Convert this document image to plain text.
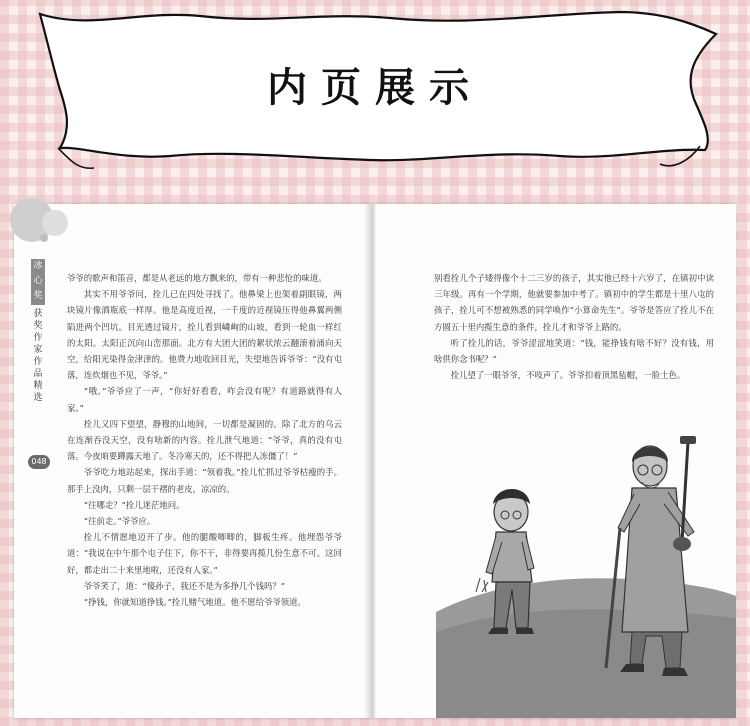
内页展示
冰心奖
获奖作家作品精选
048

爷爷的歌声和笛音，都是从老远的地方飘来的，带有一种悲怆的味道。

其实不用爷爷问，拴儿已在四处寻找了。他鼻梁上也架着副眼镜，两块镜片像酒瓶底一样厚。他是高度近视，一千度的近视镜压得他鼻翼两侧陷进两个凹坑。目光透过镜片，拴儿看到嶙峋的山坡，看到一轮血一样红的太阳。太阳正沉向山峦那面。北方有大团大团的絮状浓云翻滚着涌向天空，给阳光染得金津津的。他费力地收回目光，失望地告诉爷爷：“没有屯落，连炊烟也不见，爷爷。”

“哦。”爷爷应了一声，“你好好看看，咋会没有呢？有道路就得有人家。”

拴儿又四下望望，静穆的山地间，一切都是凝固的。除了北方的乌云在连渐吞没天空，没有啥新的内容。拴儿泄气地道：“爷爷，真的没有屯落。今夜咱要蹲露天地了。冬冷寒天的，还不得把人冻僵了！”

爷爷吃力地站起来，探出手道：“领着我。”拴儿忙抓过爷爷枯瘦的手。那手上没肉，只剩一层干褶的老皮，凉凉的。

“往哪走？”拴儿迷茫地问。

“往前走。”爷爷应。

拴儿不情愿地迈开了步。他的腿酸唧唧的，脚板生疼。他埋怨爷爷道：“我说在中午那个屯子住下，你不干，非得要再揽几份生意不可。这回好，都走出二十来里地啦，还没有人家。”

爷爷笑了，道：“傻孙子，我还不是为多挣几个钱吗？”

“挣钱，你就知道挣钱。”拴儿赌气地道。他不愿给爷爷领道。

别看拴儿个子矮得像个十二三岁的孩子，其实他已经十六岁了，在镇初中读三年级。再有一个学期，他就要参加中考了。镇初中的学生都是十里八屯的孩子，拴儿可不想被熟悉的同学唤作“小算命先生”。爷爷是答应了拴儿不在方圆五十里内揽生意的条件，拴儿才和爷爷上路的。

听了拴儿的话，爷爷涩涩地笑道：“钱，能挣钱有啥不好？没有钱，用啥供你念书呢？”

拴儿望了一眼爷爷，不吱声了。爷爷扣着顶黑毡帽，一脸土色。
